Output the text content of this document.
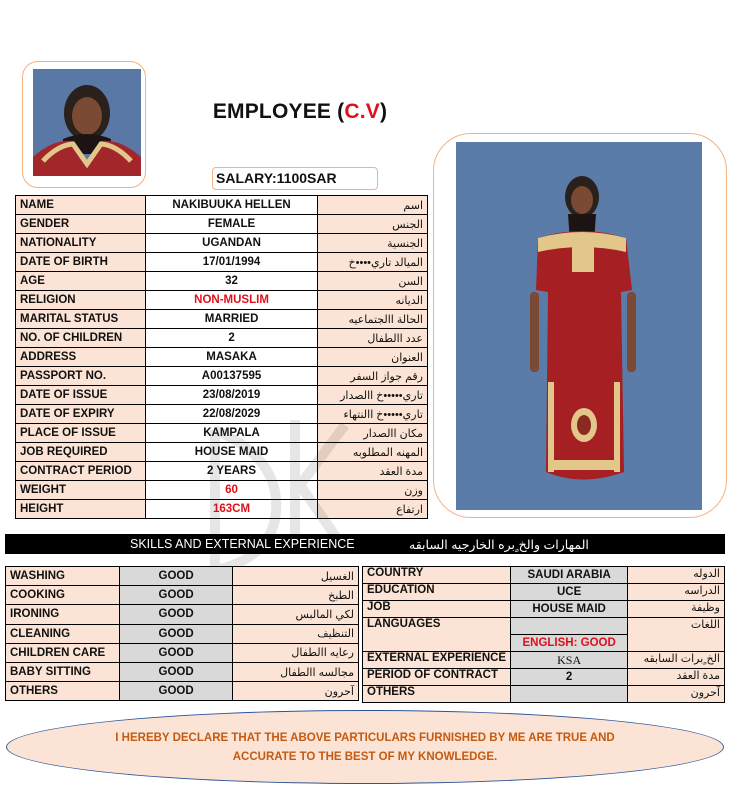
EMPLOYEE (C.V)
SALARY:1100SAR
NAME	NAKIBUUKA HELLEN	اسم
GENDER	FEMALE	الجنس
NATIONALITY	UGANDAN	الجنسية
DATE OF BIRTH	17/01/1994	الميالد تاري••••خ
AGE	32	السن
RELIGION	NON-MUSLIM	الديانه
MARITAL STATUS	MARRIED	الحالة االجتماعيه
NO. OF CHILDREN	2	عدد االطفال
ADDRESS	MASAKA	العنوان
PASSPORT NO.	A00137595	رقم جواز السفر
DATE OF ISSUE	23/08/2019	تاري•••••خ االصدار
DATE OF EXPIRY	22/08/2029	تاري•••••خ االنتهاء
PLACE OF ISSUE	KAMPALA	مكان االصدار
JOB REQUIRED	HOUSE MAID	المهنه المطلوبه
CONTRACT PERIOD	2 YEARS	مدة العقد
WEIGHT	60	وزن
HEIGHT	163CM	ارتفاع
SKILLS AND EXTERNAL EXPERIENCE	المهارات والخ ٍبره الخارجيه السابقه
WASHING	GOOD	الغسيل
COOKING	GOOD	الطبخ
IRONING	GOOD	لكي المالبس
CLEANING	GOOD	التنظيف
CHILDREN CARE	GOOD	رعايه االطفال
BABY SITTING	GOOD	مجالسه االطفال
OTHERS	GOOD	آحرون
COUNTRY	SAUDI ARABIA	الدوله
EDUCATION	UCE	الدراسه
JOB	HOUSE MAID	وظيفة
LANGUAGES		اللغات
	ENGLISH: GOOD	
EXTERNAL EXPERIENCE	KSA	الخ ٍبرات السابقه
PERIOD OF CONTRACT	2	مدة العقد
OTHERS		آحرون
I HEREBY DECLARE THAT THE ABOVE PARTICULARS FURNISHED BY ME ARE TRUE AND
ACCURATE TO THE BEST OF MY KNOWLEDGE.
